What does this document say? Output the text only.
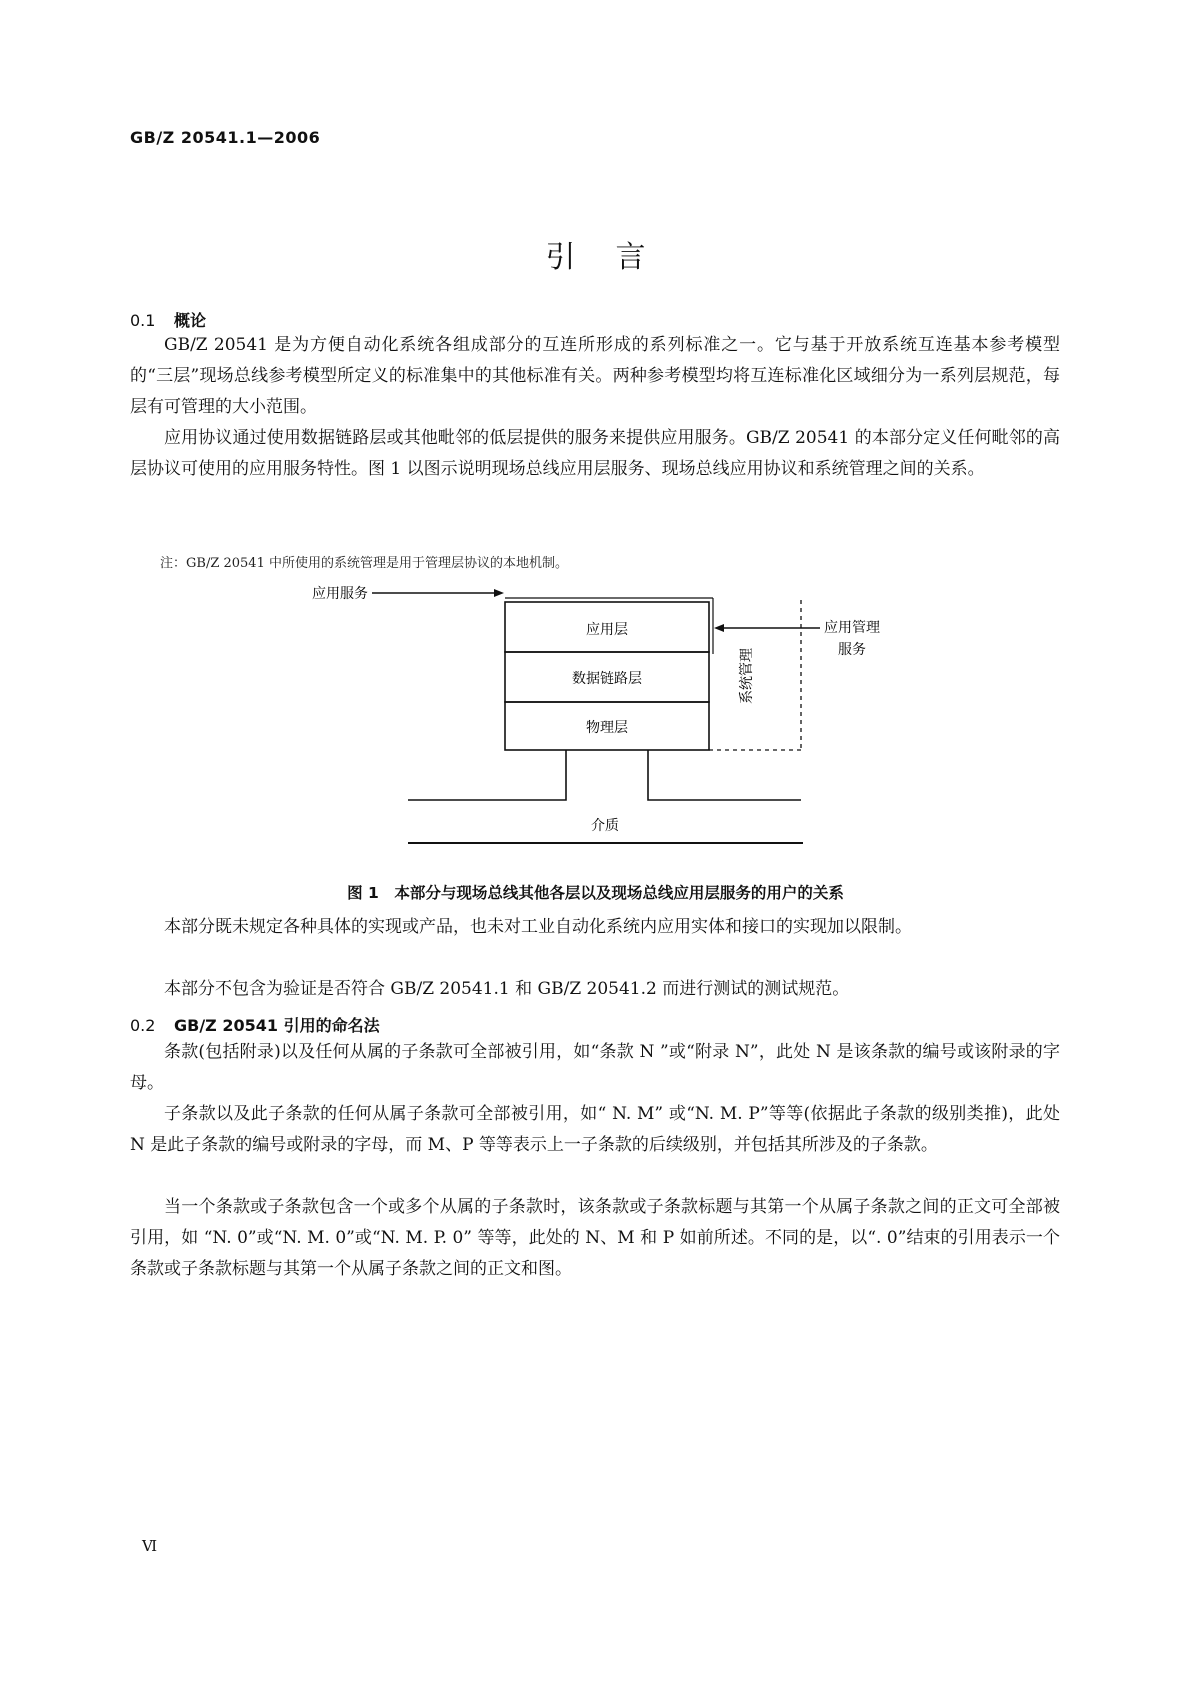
GB/Z 20541.1—2006
引言
0.1 概论

GB/Z 20541 是为方便自动化系统各组成部分的互连所形成的系列标准之一。它与基于开放系统互连基本参考模型的“三层”现场总线参考模型所定义的标准集中的其他标准有关。两种参考模型均将互连标准化区域细分为一系列层规范，每层有可管理的大小范围。

应用协议通过使用数据链路层或其他毗邻的低层提供的服务来提供应用服务。GB/Z 20541 的本部分定义任何毗邻的高层协议可使用的应用服务特性。图 1 以图示说明现场总线应用层服务、现场总线应用协议和系统管理之间的关系。

注：GB/Z 20541 中所使用的系统管理是用于管理层协议的本地机制。
应用服务
应用层
数据链路层
物理层
系统管理
应用管理
服务
介质
图 1　本部分与现场总线其他各层以及现场总线应用层服务的用户的关系

本部分既未规定各种具体的实现或产品，也未对工业自动化系统内应用实体和接口的实现加以限制。

本部分不包含为验证是否符合 GB/Z 20541.1 和 GB/Z 20541.2 而进行测试的测试规范。

0.2 GB/Z 20541 引用的命名法

条款(包括附录)以及任何从属的子条款可全部被引用，如“条款 N ”或“附录 N”，此处 N 是该条款的编号或该附录的字母。

子条款以及此子条款的任何从属子条款可全部被引用，如“ N. M” 或“N. M. P”等等(依据此子条款的级别类推)，此处 N 是此子条款的编号或附录的字母，而 M、P 等等表示上一子条款的后续级别，并包括其所涉及的子条款。

当一个条款或子条款包含一个或多个从属的子条款时，该条款或子条款标题与其第一个从属子条款之间的正文可全部被引用，如 “N. 0”或“N. M. 0”或“N. M. P. 0” 等等，此处的 N、M 和 P 如前所述。不同的是，以“. 0”结束的引用表示一个条款或子条款标题与其第一个从属子条款之间的正文和图。

Ⅵ
